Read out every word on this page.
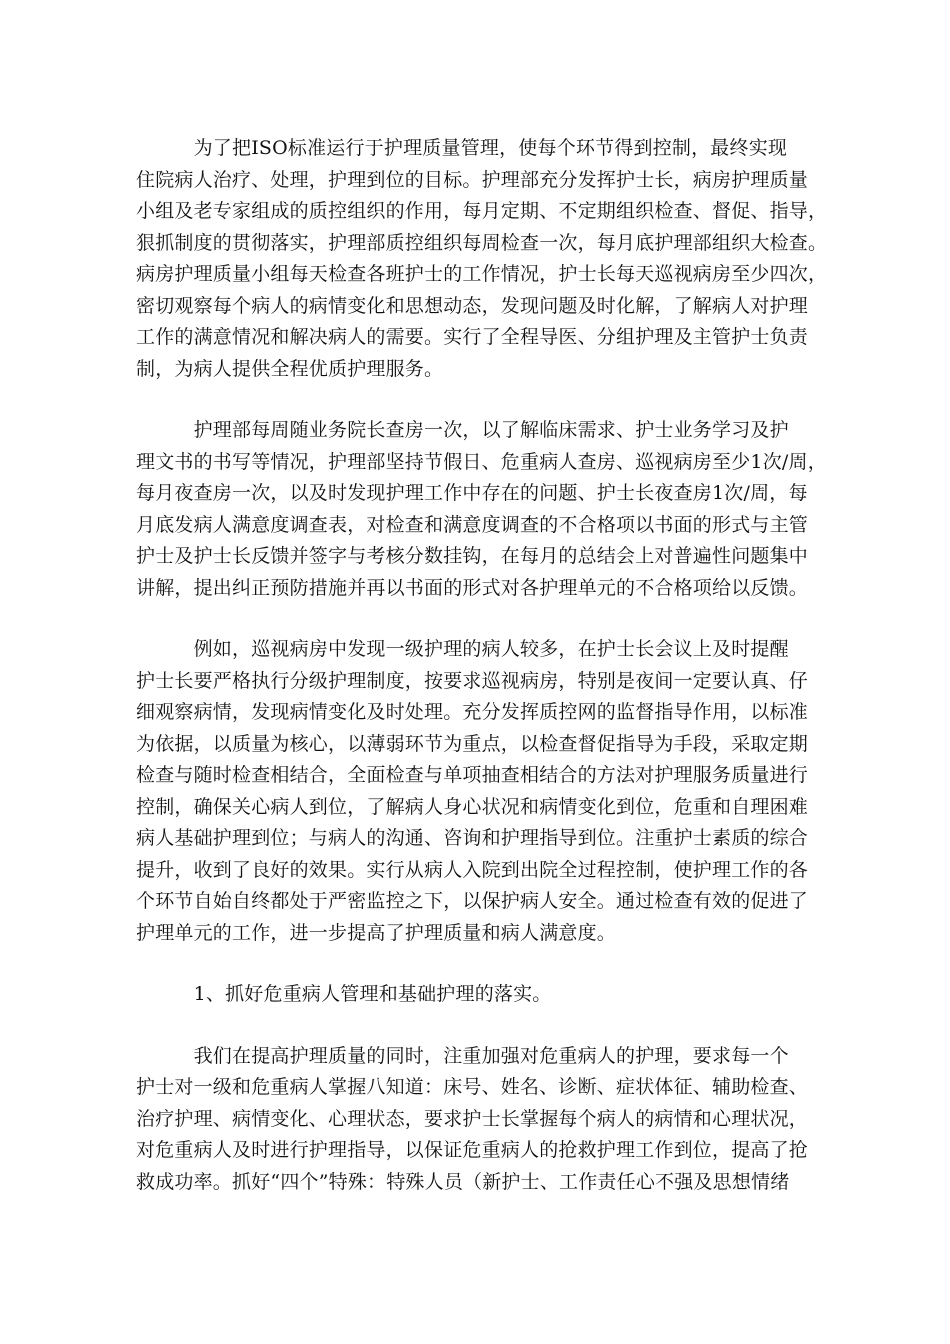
　　　为了把ISO标准运行于护理质量管理，使每个环节得到控制，最终实现
住院病人治疗、处理，护理到位的目标。护理部充分发挥护士长，病房护理质量
小组及老专家组成的质控组织的作用，每月定期、不定期组织检查、督促、指导，
狠抓制度的贯彻落实，护理部质控组织每周检查一次，每月底护理部组织大检查。
病房护理质量小组每天检查各班护士的工作情况，护士长每天巡视病房至少四次，
密切观察每个病人的病情变化和思想动态，发现问题及时化解，了解病人对护理
工作的满意情况和解决病人的需要。实行了全程导医、分组护理及主管护士负责
制，为病人提供全程优质护理服务。
　　　护理部每周随业务院长查房一次，以了解临床需求、护士业务学习及护
理文书的书写等情况，护理部坚持节假日、危重病人查房、巡视病房至少1次/周，
每月夜查房一次，以及时发现护理工作中存在的问题、护士长夜查房1次/周，每
月底发病人满意度调查表，对检查和满意度调查的不合格项以书面的形式与主管
护士及护士长反馈并签字与考核分数挂钩，在每月的总结会上对普遍性问题集中
讲解，提出纠正预防措施并再以书面的形式对各护理单元的不合格项给以反馈。
　　　例如，巡视病房中发现一级护理的病人较多，在护士长会议上及时提醒
护士长要严格执行分级护理制度，按要求巡视病房，特别是夜间一定要认真、仔
细观察病情，发现病情变化及时处理。充分发挥质控网的监督指导作用，以标准
为依据，以质量为核心，以薄弱环节为重点，以检查督促指导为手段，采取定期
检查与随时检查相结合，全面检查与单项抽查相结合的方法对护理服务质量进行
控制，确保关心病人到位，了解病人身心状况和病情变化到位，危重和自理困难
病人基础护理到位；与病人的沟通、咨询和护理指导到位。注重护士素质的综合
提升，收到了良好的效果。实行从病人入院到出院全过程控制，使护理工作的各
个环节自始自终都处于严密监控之下，以保护病人安全。通过检查有效的促进了
护理单元的工作，进一步提高了护理质量和病人满意度。
　　　1、抓好危重病人管理和基础护理的落实。
　　　我们在提高护理质量的同时，注重加强对危重病人的护理，要求每一个
护士对一级和危重病人掌握八知道：床号、姓名、诊断、症状体征、辅助检查、
治疗护理、病情变化、心理状态，要求护士长掌握每个病人的病情和心理状况，
对危重病人及时进行护理指导，以保证危重病人的抢救护理工作到位，提高了抢
救成功率。抓好“四个”特殊：特殊人员（新护士、工作责任心不强及思想情绪
